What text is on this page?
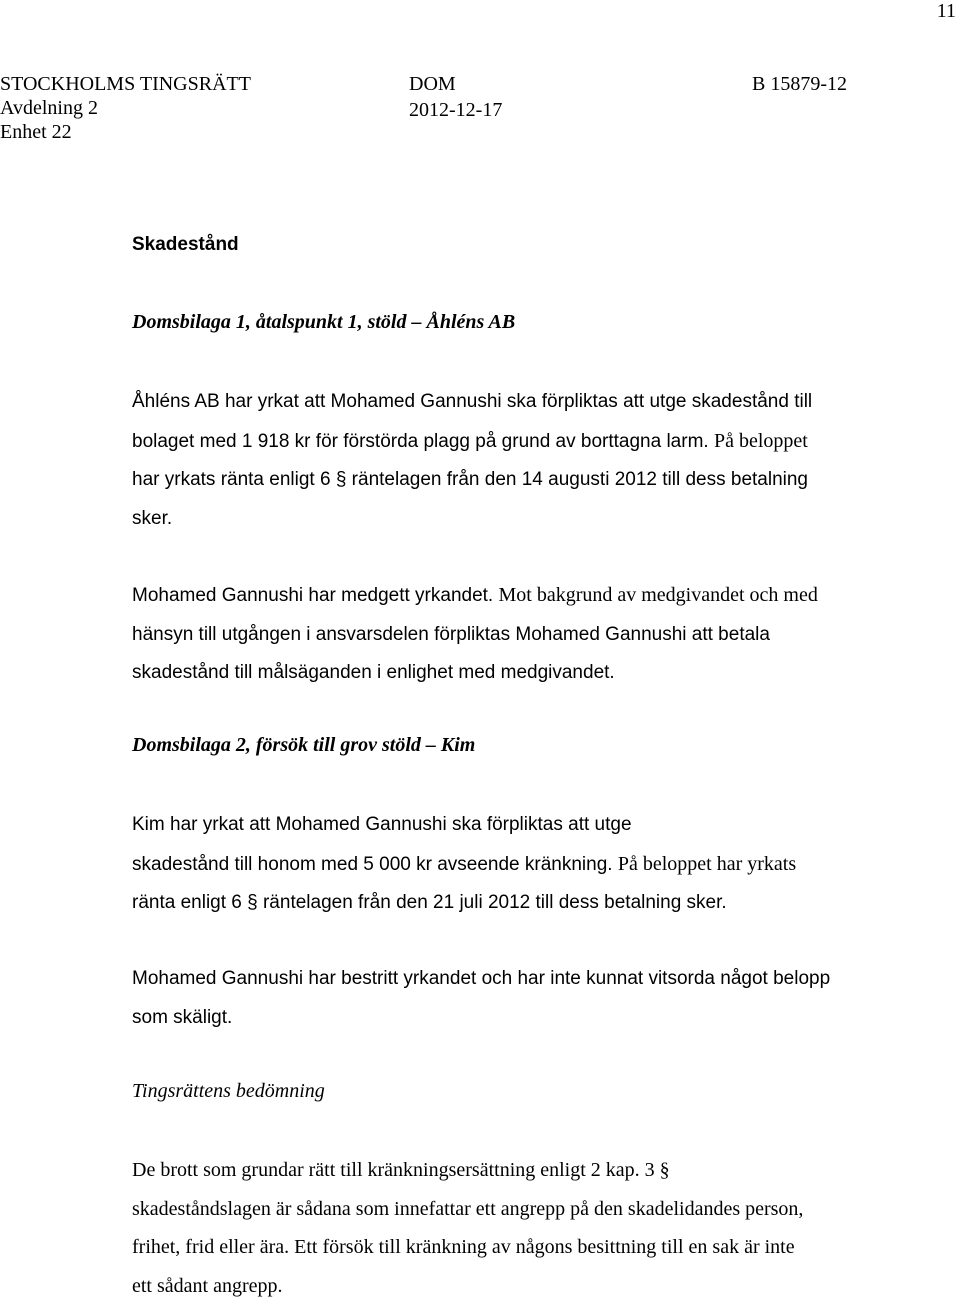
11
STOCKHOLMS TINGSRÄTT
Avdelning 2
Enhet 22
DOM
2012-12-17
B 15879-12
Skadestånd
Domsbilaga 1, åtalspunkt 1, stöld – Åhléns AB
Åhléns AB har yrkat att Mohamed Gannushi ska förpliktas att utge skadestånd till
bolaget med 1 918 kr för förstörda plagg på grund av borttagna larm. På beloppet
har yrkats ränta enligt 6 § räntelagen från den 14 augusti 2012 till dess betalning
sker.
Mohamed Gannushi har medgett yrkandet. Mot bakgrund av medgivandet och med
hänsyn till utgången i ansvarsdelen förpliktas Mohamed Gannushi att betala
skadestånd till målsäganden i enlighet med medgivandet.
Domsbilaga 2, försök till grov stöld – Kim
Kim har yrkat att Mohamed Gannushi ska förpliktas att utge
skadestånd till honom med 5 000 kr avseende kränkning. På beloppet har yrkats
ränta enligt 6 § räntelagen från den 21 juli 2012 till dess betalning sker.
Mohamed Gannushi har bestritt yrkandet och har inte kunnat vitsorda något belopp
som skäligt.
Tingsrättens bedömning
De brott som grundar rätt till kränkningsersättning enligt 2 kap. 3 §
skadeståndslagen är sådana som innefattar ett angrepp på den skadelidandes person,
frihet, frid eller ära. Ett försök till kränkning av någons besittning till en sak är inte
ett sådant angrepp.
